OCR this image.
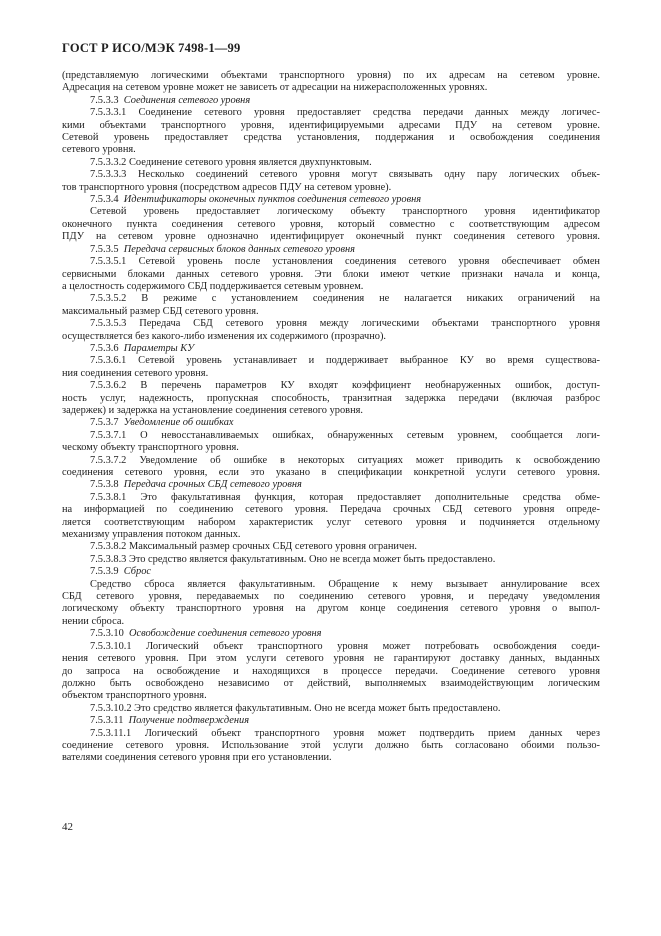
ГОСТ Р ИСО/МЭК 7498-1—99
(представляемую логическими объектами транспортного уровня) по их адресам на сетевом уровне.
Адресация на сетевом уровне может не зависеть от адресации на нижерасположенных уровнях.
7.5.3.3 Соединения сетевого уровня
7.5.3.3.1 Соединение сетевого уровня предоставляет средства передачи данных между логичес-
кими объектами транспортного уровня, идентифицируемыми адресами ПДУ на сетевом уровне.
Сетевой уровень предоставляет средства установления, поддержания и освобождения соединения
сетевого уровня.
7.5.3.3.2 Соединение сетевого уровня является двухпунктовым.
7.5.3.3.3 Несколько соединений сетевого уровня могут связывать одну пару логических объек-
тов транспортного уровня (посредством адресов ПДУ на сетевом уровне).
7.5.3.4 Идентификаторы оконечных пунктов соединения сетевого уровня
Сетевой уровень предоставляет логическому объекту транспортного уровня идентификатор
оконечного пункта соединения сетевого уровня, который совместно с соответствующим адресом
ПДУ на сетевом уровне однозначно идентифицирует оконечный пункт соединения сетевого уровня.
7.5.3.5 Передача сервисных блоков данных сетевого уровня
7.5.3.5.1 Сетевой уровень после установления соединения сетевого уровня обеспечивает обмен
сервисными блоками данных сетевого уровня. Эти блоки имеют четкие признаки начала и конца,
а целостность содержимого СБД поддерживается сетевым уровнем.
7.5.3.5.2 В режиме с установлением соединения не налагается никаких ограничений на
максимальный размер СБД сетевого уровня.
7.5.3.5.3 Передача СБД сетевого уровня между логическими объектами транспортного уровня
осуществляется без какого-либо изменения их содержимого (прозрачно).
7.5.3.6 Параметры КУ
7.5.3.6.1 Сетевой уровень устанавливает и поддерживает выбранное КУ во время существова-
ния соединения сетевого уровня.
7.5.3.6.2 В перечень параметров КУ входят коэффициент необнаруженных ошибок, доступ-
ность услуг, надежность, пропускная способность, транзитная задержка передачи (включая разброс
задержек) и задержка на установление соединения сетевого уровня.
7.5.3.7 Уведомление об ошибках
7.5.3.7.1 О невосстанавливаемых ошибках, обнаруженных сетевым уровнем, сообщается логи-
ческому объекту транспортного уровня.
7.5.3.7.2 Уведомление об ошибке в некоторых ситуациях может приводить к освобождению
соединения сетевого уровня, если это указано в спецификации конкретной услуги сетевого уровня.
7.5.3.8 Передача срочных СБД сетевого уровня
7.5.3.8.1 Это факультативная функция, которая предоставляет дополнительные средства обме-
на информацией по соединению сетевого уровня. Передача срочных СБД сетевого уровня опреде-
ляется соответствующим набором характеристик услуг сетевого уровня и подчиняется отдельному
механизму управления потоком данных.
7.5.3.8.2 Максимальный размер срочных СБД сетевого уровня ограничен.
7.5.3.8.3 Это средство является факультативным. Оно не всегда может быть предоставлено.
7.5.3.9 Сброс
Средство сброса является факультативным. Обращение к нему вызывает аннулирование всех
СБД сетевого уровня, передаваемых по соединению сетевого уровня, и передачу уведомления
логическому объекту транспортного уровня на другом конце соединения сетевого уровня о выпол-
нении сброса.
7.5.3.10 Освобождение соединения сетевого уровня
7.5.3.10.1 Логический объект транспортного уровня может потребовать освобождения соеди-
нения сетевого уровня. При этом услуги сетевого уровня не гарантируют доставку данных, выданных
до запроса на освобождение и находящихся в процессе передачи. Соединение сетевого уровня
должно быть освобождено независимо от действий, выполняемых взаимодействующим логическим
объектом транспортного уровня.
7.5.3.10.2 Это средство является факультативным. Оно не всегда может быть предоставлено.
7.5.3.11 Получение подтверждения
7.5.3.11.1 Логический объект транспортного уровня может подтвердить прием данных через
соединение сетевого уровня. Использование этой услуги должно быть согласовано обоими пользо-
вателями соединения сетевого уровня при его установлении.
42
